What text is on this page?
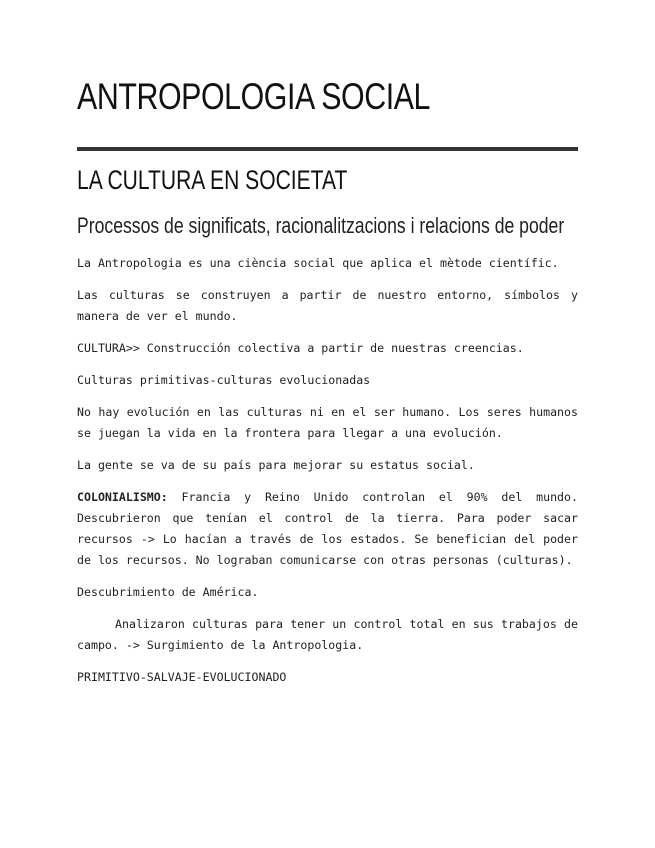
ANTROPOLOGIA SOCIAL
LA CULTURA EN SOCIETAT
Processos de significats, racionalitzacions i relacions de poder

La Antropologia es una ciència social que aplica el mètode científic.

Las culturas se construyen a partir de nuestro entorno, símbolos y manera de ver el mundo.

CULTURA>> Construcción colectiva a partir de nuestras creencias.

Culturas primitivas-culturas evolucionadas

No hay evolución en las culturas ni en el ser humano. Los seres humanos se juegan la vida en la frontera para llegar a una evolución.

La gente se va de su país para mejorar su estatus social.

COLONIALISMO: Francia y Reino Unido controlan el 90% del mundo. Descubrieron que tenían el control de la tierra. Para poder sacar recursos -> Lo hacían a través de los estados. Se benefician del poder de los recursos. No lograban comunicarse con otras personas (culturas).

Descubrimiento de América.

Analizaron culturas para tener un control total en sus trabajos de campo. -> Surgimiento de la Antropologia.

PRIMITIVO-SALVAJE-EVOLUCIONADO
